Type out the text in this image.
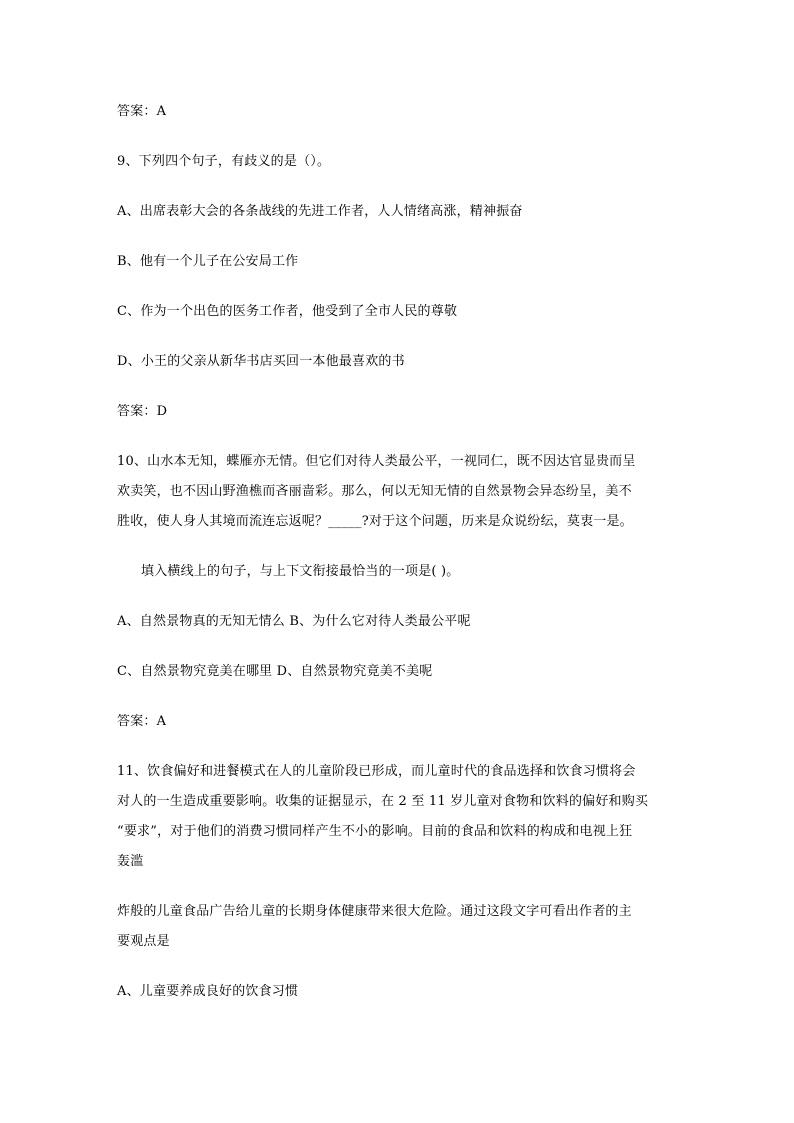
答案：A
9、下列四个句子，有歧义的是（）。
A、出席表彰大会的各条战线的先进工作者，人人情绪高涨，精神振奋
B、他有一个儿子在公安局工作
C、作为一个出色的医务工作者，他受到了全市人民的尊敬
D、小王的父亲从新华书店买回一本他最喜欢的书
答案：D
10、山水本无知，蝶雁亦无情。但它们对待人类最公平，一视同仁，既不因达官显贵而呈
欢卖笑，也不因山野渔樵而吝丽啬彩。那么，何以无知无情的自然景物会异态纷呈，美不
胜收，使人身人其境而流连忘返呢？_____?对于这个问题，历来是众说纷纭，莫衷一是。
填入横线上的句子，与上下文衔接最恰当的一项是( )。
A、自然景物真的无知无情么 B、为什么它对待人类最公平呢
C、自然景物究竟美在哪里 D、自然景物究竟美不美呢
答案：A
11、饮食偏好和进餐模式在人的儿童阶段已形成，而儿童时代的食品选择和饮食习惯将会
对人的一生造成重要影响。收集的证据显示，在 2 至 11 岁儿童对食物和饮料的偏好和购买
“要求”，对于他们的消费习惯同样产生不小的影响。目前的食品和饮料的构成和电视上狂
轰滥
炸般的儿童食品广告给儿童的长期身体健康带来很大危险。通过这段文字可看出作者的主
要观点是
A、儿童要养成良好的饮食习惯
